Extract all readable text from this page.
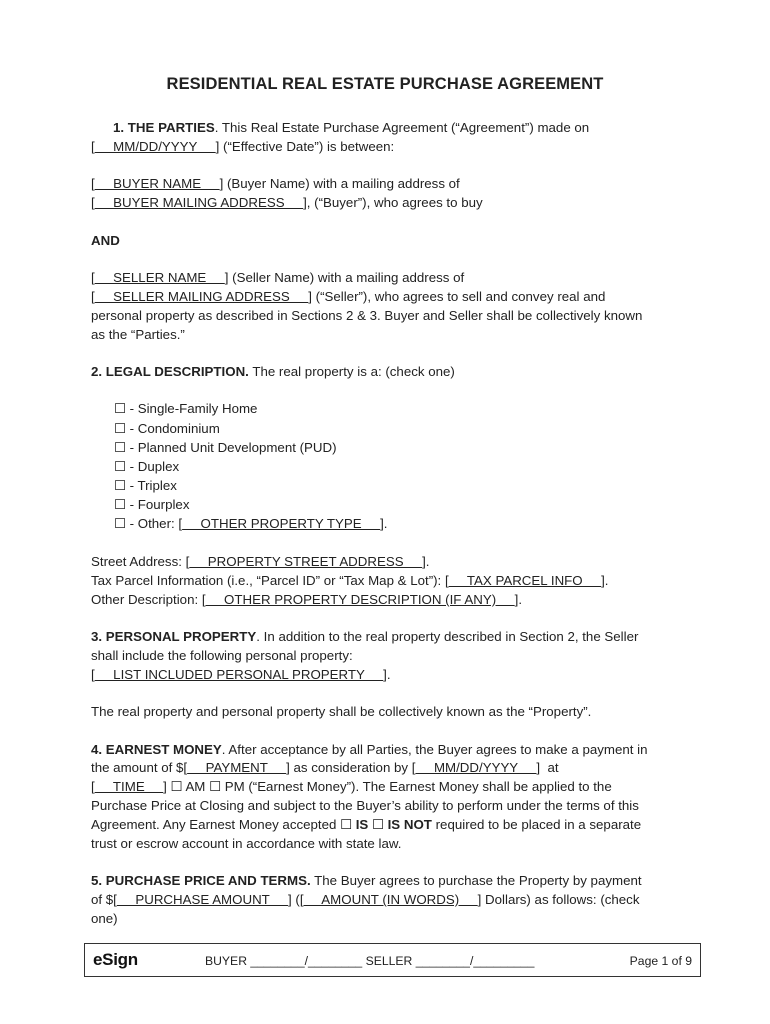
RESIDENTIAL REAL ESTATE PURCHASE AGREEMENT
1. THE PARTIES. This Real Estate Purchase Agreement (“Agreement”) made on
[     MM/DD/YYYY     ] (“Effective Date”) is between:
[     BUYER NAME     ] (Buyer Name) with a mailing address of
[     BUYER MAILING ADDRESS     ], (“Buyer”), who agrees to buy
AND
[     SELLER NAME     ] (Seller Name) with a mailing address of
[     SELLER MAILING ADDRESS     ] (“Seller”), who agrees to sell and convey real and
personal property as described in Sections 2 & 3. Buyer and Seller shall be collectively known
as the “Parties.”
2. LEGAL DESCRIPTION. The real property is a: (check one)
☐ - Single-Family Home
☐ - Condominium
☐ - Planned Unit Development (PUD)
☐ - Duplex
☐ - Triplex
☐ - Fourplex
☐ - Other: [     OTHER PROPERTY TYPE     ].
Street Address: [     PROPERTY STREET ADDRESS     ].
Tax Parcel Information (i.e., “Parcel ID” or “Tax Map & Lot”): [     TAX PARCEL INFO     ].
Other Description: [     OTHER PROPERTY DESCRIPTION (IF ANY)     ].
3. PERSONAL PROPERTY. In addition to the real property described in Section 2, the Seller
shall include the following personal property:
[     LIST INCLUDED PERSONAL PROPERTY     ].
The real property and personal property shall be collectively known as the “Property”.
4. EARNEST MONEY. After acceptance by all Parties, the Buyer agrees to make a payment in
the amount of $[     PAYMENT     ] as consideration by [     MM/DD/YYYY     ]  at
[     TIME     ] ☐ AM ☐ PM (“Earnest Money”). The Earnest Money shall be applied to the
Purchase Price at Closing and subject to the Buyer’s ability to perform under the terms of this
Agreement. Any Earnest Money accepted ☐ IS ☐ IS NOT required to be placed in a separate
trust or escrow account in accordance with state law.
5. PURCHASE PRICE AND TERMS. The Buyer agrees to purchase the Property by payment
of $[     PURCHASE AMOUNT     ] ([     AMOUNT (IN WORDS)     ] Dollars) as follows: (check
one)
eSign	BUYER ________/________ SELLER ________/_________	Page 1 of 9
